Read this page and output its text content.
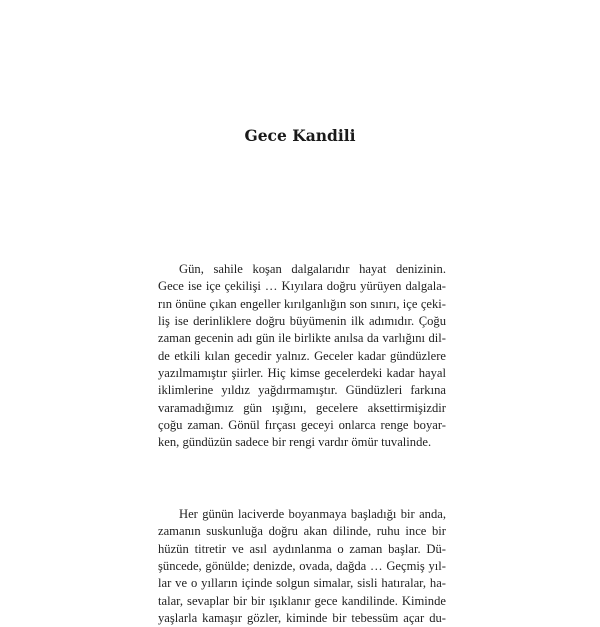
Gece Kandili
Gün, sahile koşan dalgalarıdır hayat denizinin.
Gece ise içe çekilişi … Kıyılara doğru yürüyen dalgala-
rın önüne çıkan engeller kırılganlığın son sınırı, içe çeki-
liş ise derinliklere doğru büyümenin ilk adımıdır. Çoğu
zaman gecenin adı gün ile birlikte anılsa da varlığını dil-
de etkili kılan gecedir yalnız. Geceler kadar gündüzlere
yazılmamıştır şiirler. Hiç kimse gecelerdeki kadar hayal
iklimlerine yıldız yağdırmamıştır. Gündüzleri farkına
varamadığımız gün ışığını, gecelere aksettirmişizdir
çoğu zaman. Gönül fırçası geceyi onlarca renge boyar-
ken, gündüzün sadece bir rengi vardır ömür tuvalinde.
Her günün laciverde boyanmaya başladığı bir anda,
zamanın suskunluğa doğru akan dilinde, ruhu ince bir
hüzün titretir ve asıl aydınlanma o zaman başlar. Dü-
şüncede, gönülde; denizde, ovada, dağda … Geçmiş yıl-
lar ve o yılların içinde solgun simalar, sisli hatıralar, ha-
talar, sevaplar bir bir ışıklanır gece kandilinde. Kiminde
yaşlarla kamaşır gözler, kiminde bir tebessüm açar du-
